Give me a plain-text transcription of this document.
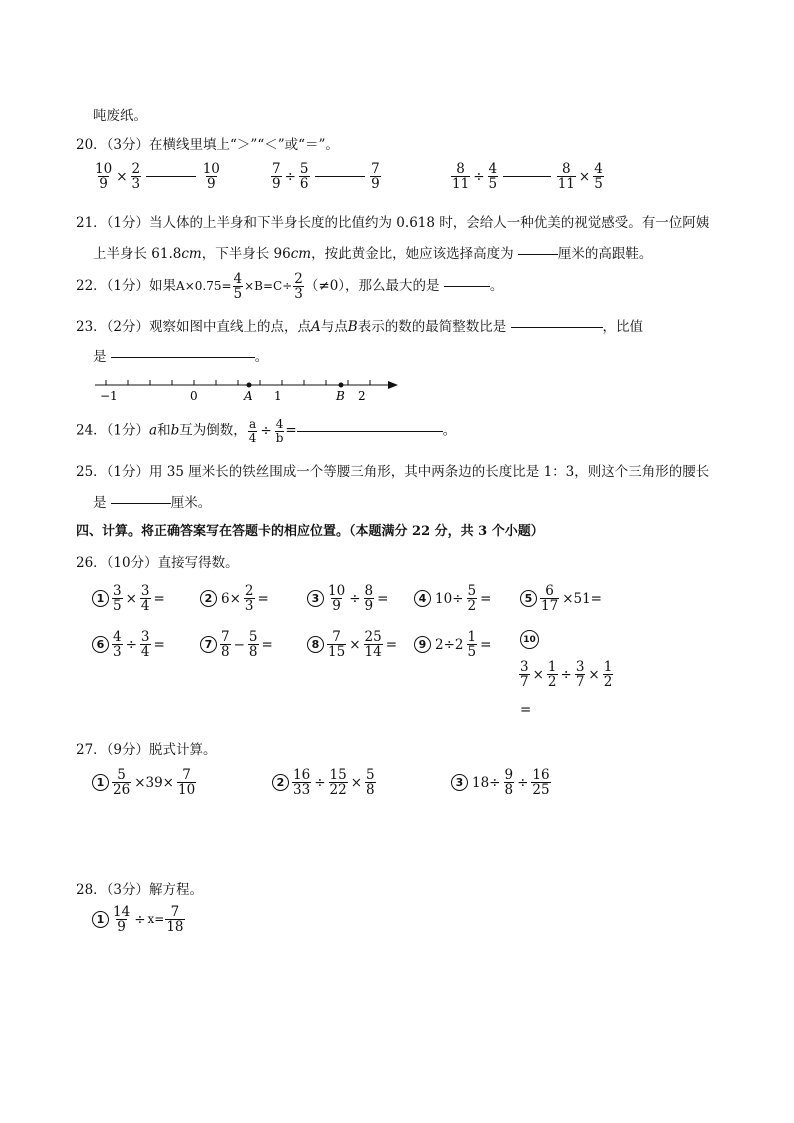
吨废纸。
20．（3分）在横线里填上“＞”“＜”或“＝”。
$\frac{10}{9} \times \frac{2}{3}$
	$\frac{10}{9}$	$\frac{7}{9} \div \frac{5}{6}$
	$\frac{7}{9}$	$\frac{8}{11} \div \frac{4}{5}$
	$\frac{8}{11} \times \frac{4}{5}$
21．（1分）当人体的上半身和下半身长度的比值约为 0.618 时，会给人一种优美的视觉感受。有一位阿姨
上半身长 61.8cm，下半身长 96cm，按此黄金比，她应该选择高度为	厘米的高跟鞋。
22．（1分）如果$A\times 0.75= \frac{4}{5} \times B=C\div \frac{2}{3} (\ne 0)$，那么最大的是	。
23．（2分）观察如图中直线上的点，点A与点B表示的数的最简整数比是	，比值
是	。
−1	0	A 1	B 2
24．（1分）a和b互为倒数， $\frac{a}{4} \div \frac{4}{b}$ =	。
25．（1分）用 35 厘米长的铁丝围成一个等腰三角形，其中两条边的长度比是 1：3，则这个三角形的腰长
是	厘米。
四、计算。将正确答案写在答题卡的相应位置。（本题满分 22 分，共 3 个小题）
26．（10分）直接写得数。
$1 \frac{3}{5} \times \frac{3}{4}$ =	2 $6\times \frac{2}{3}$ =	$3 \frac{10}{9} \div \frac{8}{9}$ =	4 $10\div \frac{5}{2}$ =	$5 \frac{6}{17} \times 51=$
$6 \frac{4}{3} \div \frac{3}{4}$ =	$7 \frac{7}{8} - \frac{5}{8}$ =	$8 \frac{7}{15} \times \frac{25}{14}$ =	9 $2\div 2 \frac{1}{5}$ =	10
$\frac{3}{7} \times \frac{1}{2} \div \frac{3}{7} \times \frac{1}{2}$
=
27．（9分）脱式计算。
$1 \frac{5}{26} \times 39\times \frac{7}{10}$	$2 \frac{16}{33} \div \frac{15}{22} \times \frac{5}{8}$	3 $18\div \frac{9}{8} \div \frac{16}{25}$
28．（3分）解方程。
$1 \frac{14}{9} \div x= \frac{7}{18}$
